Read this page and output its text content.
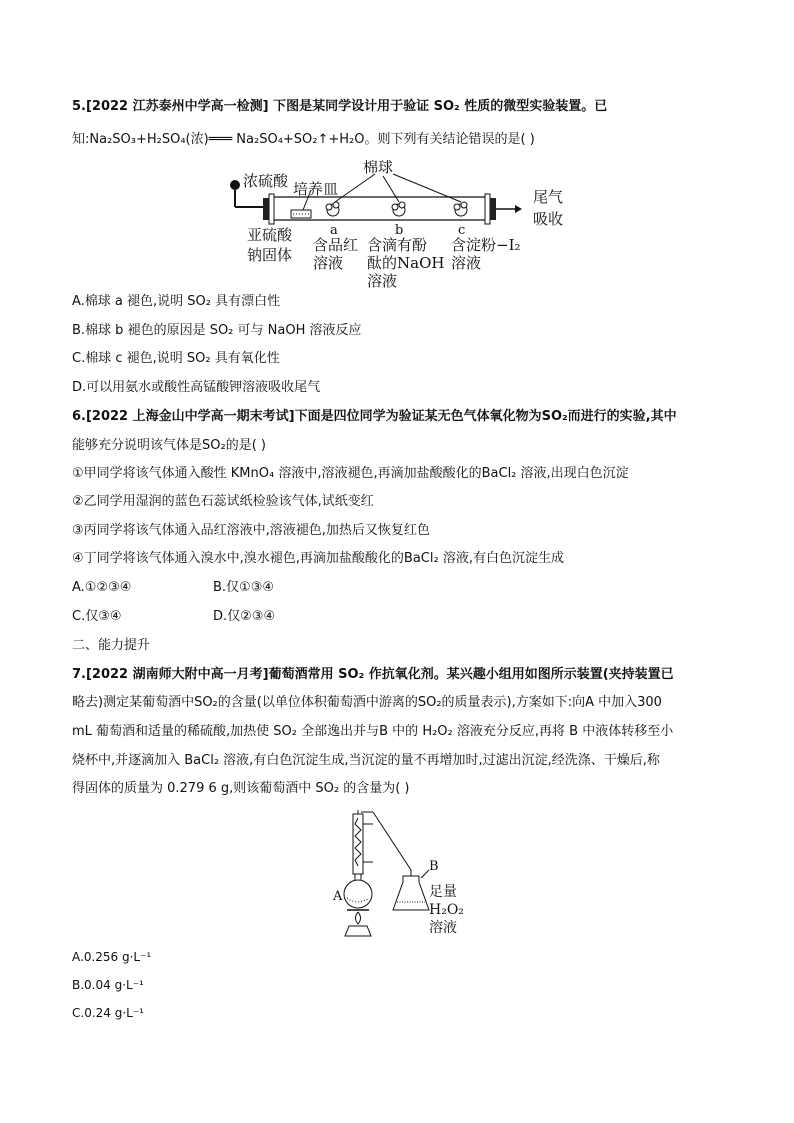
5.[2022 江苏泰州中学高一检测] 下图是某同学设计用于验证 SO₂ 性质的微型实验装置。已
知:Na₂SO₃+H₂SO₄(浓)═══ Na₂SO₄+SO₂↑+H₂O。则下列有关结论错误的是( )
浓硫酸 培养皿
棉球
尾气
吸收
亚硫酸
钠固体
a	b	c
含品红
溶液
含滴有酚
酞的NaOH
溶液
含淀粉−I₂
溶液
A.棉球 a 褪色,说明 SO₂ 具有漂白性
B.棉球 b 褪色的原因是 SO₂ 可与 NaOH 溶液反应
C.棉球 c 褪色,说明 SO₂ 具有氧化性
D.可以用氨水或酸性高锰酸钾溶液吸收尾气
6.[2022 上海金山中学高一期末考试]下面是四位同学为验证某无色气体氧化物为SO₂而进行的实验,其中
能够充分说明该气体是SO₂的是( )
①甲同学将该气体通入酸性 KMnO₄ 溶液中,溶液褪色,再滴加盐酸酸化的BaCl₂ 溶液,出现白色沉淀
②乙同学用湿润的蓝色石蕊试纸检验该气体,试纸变红
③丙同学将该气体通入品红溶液中,溶液褪色,加热后又恢复红色
④丁同学将该气体通入溴水中,溴水褪色,再滴加盐酸酸化的BaCl₂ 溶液,有白色沉淀生成
A.①②③④	B.仅①③④
C.仅③④	D.仅②③④
二、能力提升
7.[2022 湖南师大附中高一月考]葡萄酒常用 SO₂ 作抗氧化剂。某兴趣小组用如图所示装置(夹持装置已
略去)测定某葡萄酒中SO₂的含量(以单位体积葡萄酒中游离的SO₂的质量表示),方案如下:向A 中加入300
mL 葡萄酒和适量的稀硫酸,加热使 SO₂ 全部逸出并与B 中的 H₂O₂ 溶液充分反应,再将 B 中液体转移至小
烧杯中,并逐滴加入 BaCl₂ 溶液,有白色沉淀生成,当沉淀的量不再增加时,过滤出沉淀,经洗涤、干燥后,称
得固体的质量为 0.279 6 g,则该葡萄酒中 SO₂ 的含量为( )
A
B
足量
H₂O₂
溶液
A.0.256 g·L⁻¹
B.0.04 g·L⁻¹
C.0.24 g·L⁻¹
